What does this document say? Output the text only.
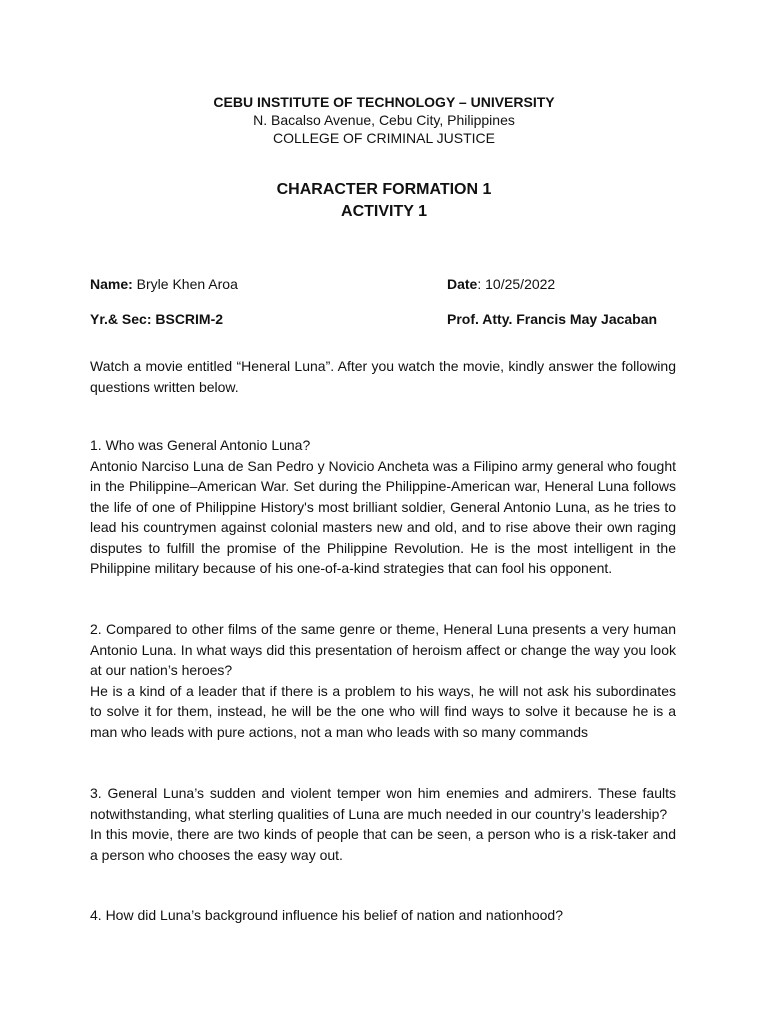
CEBU INSTITUTE OF TECHNOLOGY – UNIVERSITY
N. Bacalso Avenue, Cebu City, Philippines
COLLEGE OF CRIMINAL JUSTICE
CHARACTER FORMATION 1
ACTIVITY 1
Name: Bryle Khen Aroa	Date: 10/25/2022
Yr.& Sec: BSCRIM-2	Prof. Atty. Francis May Jacaban

Watch a movie entitled “Heneral Luna”. After you watch the movie, kindly answer the following questions written below.

1. Who was General Antonio Luna?

Antonio Narciso Luna de San Pedro y Novicio Ancheta was a Filipino army general who fought in the Philippine–American War. Set during the Philippine-American war, Heneral Luna follows the life of one of Philippine History's most brilliant soldier, General Antonio Luna, as he tries to lead his countrymen against colonial masters new and old, and to rise above their own raging disputes to fulfill the promise of the Philippine Revolution. He is the most intelligent in the Philippine military because of his one-of-a-kind strategies that can fool his opponent.

2. Compared to other films of the same genre or theme, Heneral Luna presents a very human Antonio Luna. In what ways did this presentation of heroism affect or change the way you look at our nation’s heroes?

He is a kind of a leader that if there is a problem to his ways, he will not ask his subordinates to solve it for them, instead, he will be the one who will find ways to solve it because he is a man who leads with pure actions, not a man who leads with so many commands

3. General Luna’s sudden and violent temper won him enemies and admirers. These faults notwithstanding, what sterling qualities of Luna are much needed in our country’s leadership?

In this movie, there are two kinds of people that can be seen, a person who is a risk-taker and a person who chooses the easy way out.

4. How did Luna’s background influence his belief of nation and nationhood?
